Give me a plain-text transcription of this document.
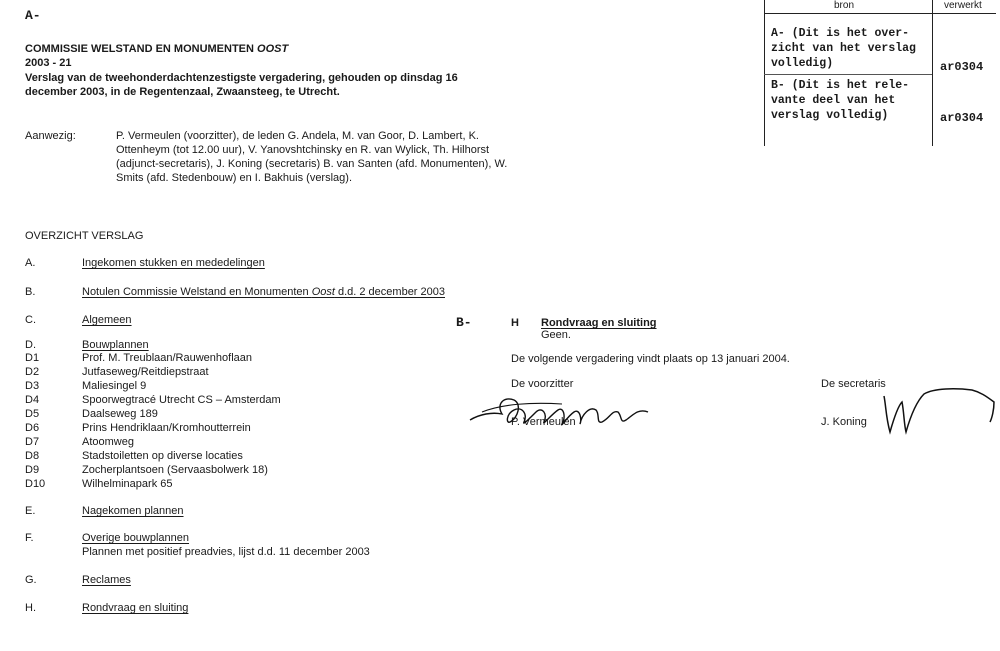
A-
COMMISSIE WELSTAND EN MONUMENTEN OOST
2003 - 21
Verslag van de tweehonderdachtenzestigste vergadering, gehouden op dinsdag 16
december 2003, in de Regentenzaal, Zwaansteeg, te Utrecht.
Aanwezig:	P. Vermeulen (voorzitter), de leden G. Andela, M. van Goor, D. Lambert, K.
Ottenheym (tot 12.00 uur), V. Yanovshtchinsky en R. van Wylick, Th. Hilhorst
(adjunct-secretaris), J. Koning (secretaris) B. van Santen (afd. Monumenten), W.
Smits (afd. Stedenbouw) en I. Bakhuis (verslag).
OVERZICHT VERSLAG
A.	Ingekomen stukken en mededelingen
B.	Notulen Commissie Welstand en Monumenten Oost d.d. 2 december 2003
C.	Algemeen
D.	Bouwplannen
D1	Prof. M. Treublaan/Rauwenhoflaan
D2	Jutfaseweg/Reitdiepstraat
D3	Maliesingel 9
D4	Spoorwegtracé Utrecht CS – Amsterdam
D5	Daalseweg 189
D6	Prins Hendriklaan/Kromhoutterrein
D7	Atoomweg
D8	Stadstoiletten op diverse locaties
D9	Zocherplantsoen (Servaasbolwerk 18)
D10	Wilhelminapark 65
E.	Nagekomen plannen
F.	Overige bouwplannen
Plannen met positief preadvies, lijst d.d. 11 december 2003
G.	Reclames
H.	Rondvraag en sluiting
B-	H Rondvraag en sluiting
Geen.
De volgende vergadering vindt plaats op 13 januari 2004.
De voorzitter
P. Vermeulen
De secretaris
J. Koning
bron	verwerkt
A- (Dit is het over-
zicht van het verslag
volledig)	ar0304
B- (Dit is het rele-
vante deel van het
verslag volledig)	ar0304
